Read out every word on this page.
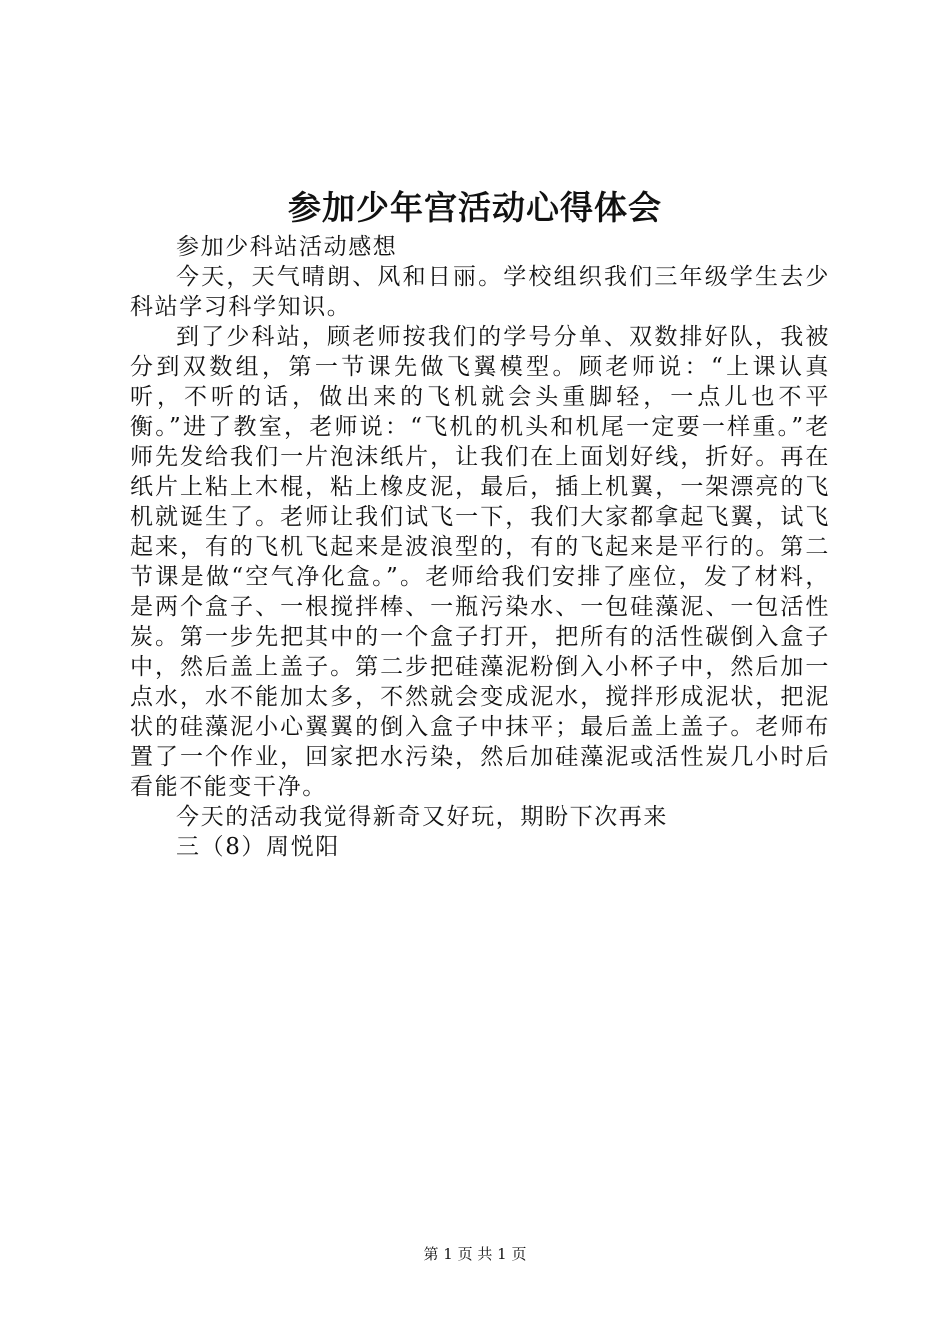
参加少年宫活动心得体会

参加少科站活动感想

今天，天气晴朗、风和日丽。学校组织我们三年级学生去少科站学习科学知识。

到了少科站，顾老师按我们的学号分单、双数排好队，我被分到双数组，第一节课先做飞翼模型。顾老师说：“上课认真听，不听的话，做出来的飞机就会头重脚轻，一点儿也不平衡。”进了教室，老师说：“飞机的机头和机尾一定要一样重。”老师先发给我们一片泡沫纸片，让我们在上面划好线，折好。再在纸片上粘上木棍，粘上橡皮泥，最后，插上机翼，一架漂亮的飞机就诞生了。老师让我们试飞一下，我们大家都拿起飞翼，试飞起来，有的飞机飞起来是波浪型的，有的飞起来是平行的。第二节课是做“空气净化盒。”。老师给我们安排了座位，发了材料，是两个盒子、一根搅拌棒、一瓶污染水、一包硅藻泥、一包活性炭。第一步先把其中的一个盒子打开，把所有的活性碳倒入盒子中，然后盖上盖子。第二步把硅藻泥粉倒入小杯子中，然后加一点水，水不能加太多，不然就会变成泥水，搅拌形成泥状，把泥状的硅藻泥小心翼翼的倒入盒子中抹平；最后盖上盖子。老师布置了一个作业，回家把水污染，然后加硅藻泥或活性炭几小时后看能不能变干净。

今天的活动我觉得新奇又好玩，期盼下次再来

三（8）周悦阳

第 1 页 共 1 页
